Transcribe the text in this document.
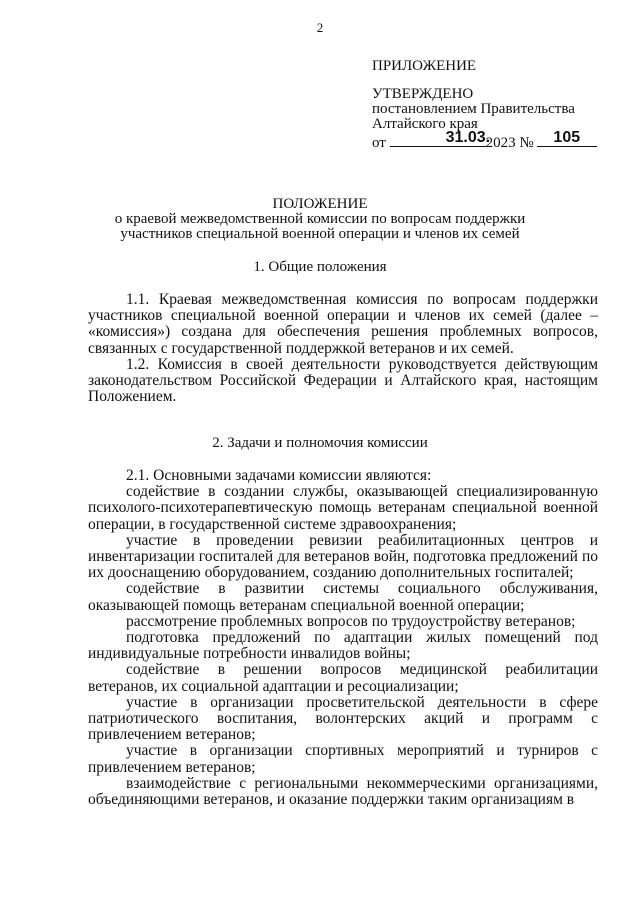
2
ПРИЛОЖЕНИЕ
УТВЕРЖДЕНО
постановлением Правительства
Алтайского края
от	31.03.
2023 № 105
ПОЛОЖЕНИЕ
о краевой межведомственной комиссии по вопросам поддержки
участников специальной военной операции и членов их семей
1. Общие положения

1.1. Краевая межведомственная комиссия по вопросам поддержки участников специальной военной операции и членов их семей (далее – «комиссия») создана для обеспечения решения проблемных вопросов, связанных с государственной поддержкой ветеранов и их семей.

1.2. Комиссия в своей деятельности руководствуется действующим законодательством Российской Федерации и Алтайского края, настоящим Положением.

2. Задачи и полномочия комиссии

2.1. Основными задачами комиссии являются:

содействие в создании службы, оказывающей специализированную психолого-психотерапевтическую помощь ветеранам специальной военной операции, в государственной системе здравоохранения;

участие в проведении ревизии реабилитационных центров и инвентаризации госпиталей для ветеранов войн, подготовка предложений по их дооснащению оборудованием, созданию дополнительных госпиталей;

содействие в развитии системы социального обслуживания, оказывающей помощь ветеранам специальной военной операции;

рассмотрение проблемных вопросов по трудоустройству ветеранов;

подготовка предложений по адаптации жилых помещений под индивидуальные потребности инвалидов войны;

содействие в решении вопросов медицинской реабилитации ветеранов, их социальной адаптации и ресоциализации;

участие в организации просветительской деятельности в сфере патриотического воспитания, волонтерских акций и программ с привлечением ветеранов;

участие в организации спортивных мероприятий и турниров с привлечением ветеранов;

взаимодействие с региональными некоммерческими организациями, объединяющими ветеранов, и оказание поддержки таким организациям в
